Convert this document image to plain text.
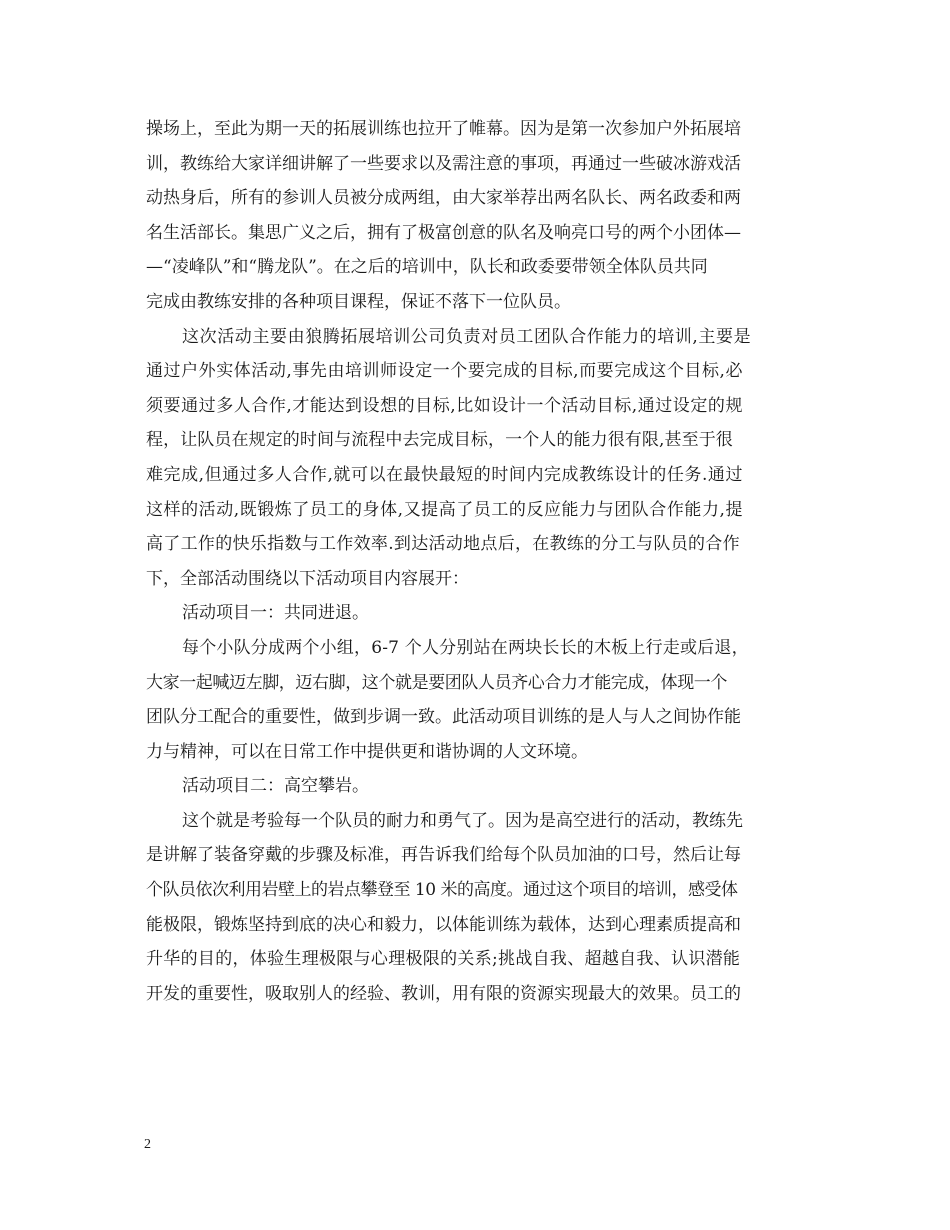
操场上，至此为期一天的拓展训练也拉开了帷幕。因为是第一次参加户外拓展培
训，教练给大家详细讲解了一些要求以及需注意的事项，再通过一些破冰游戏活
动热身后，所有的参训人员被分成两组，由大家举荐出两名队长、两名政委和两
名生活部长。集思广义之后，拥有了极富创意的队名及响亮口号的两个小团体—
—“凌峰队”和“腾龙队”。在之后的培训中，队长和政委要带领全体队员共同
完成由教练安排的各种项目课程，保证不落下一位队员。
这次活动主要由狼腾拓展培训公司负责对员工团队合作能力的培训,主要是
通过户外实体活动,事先由培训师设定一个要完成的目标,而要完成这个目标,必
须要通过多人合作,才能达到设想的目标,比如设计一个活动目标,通过设定的规
程，让队员在规定的时间与流程中去完成目标，一个人的能力很有限,甚至于很
难完成,但通过多人合作,就可以在最快最短的时间内完成教练设计的任务.通过
这样的活动,既锻炼了员工的身体,又提高了员工的反应能力与团队合作能力,提
高了工作的快乐指数与工作效率.到达活动地点后，在教练的分工与队员的合作
下，全部活动围绕以下活动项目内容展开：
活动项目一：共同进退。
每个小队分成两个小组，6-7 个人分别站在两块长长的木板上行走或后退，
大家一起喊迈左脚，迈右脚，这个就是要团队人员齐心合力才能完成，体现一个
团队分工配合的重要性，做到步调一致。此活动项目训练的是人与人之间协作能
力与精神，可以在日常工作中提供更和谐协调的人文环境。
活动项目二：高空攀岩。
这个就是考验每一个队员的耐力和勇气了。因为是高空进行的活动，教练先
是讲解了装备穿戴的步骤及标准，再告诉我们给每个队员加油的口号，然后让每
个队员依次利用岩壁上的岩点攀登至 10 米的高度。通过这个项目的培训，感受体
能极限，锻炼坚持到底的决心和毅力，以体能训练为载体，达到心理素质提高和
升华的目的，体验生理极限与心理极限的关系;挑战自我、超越自我、认识潜能
开发的重要性，吸取别人的经验、教训，用有限的资源实现最大的效果。员工的
2
